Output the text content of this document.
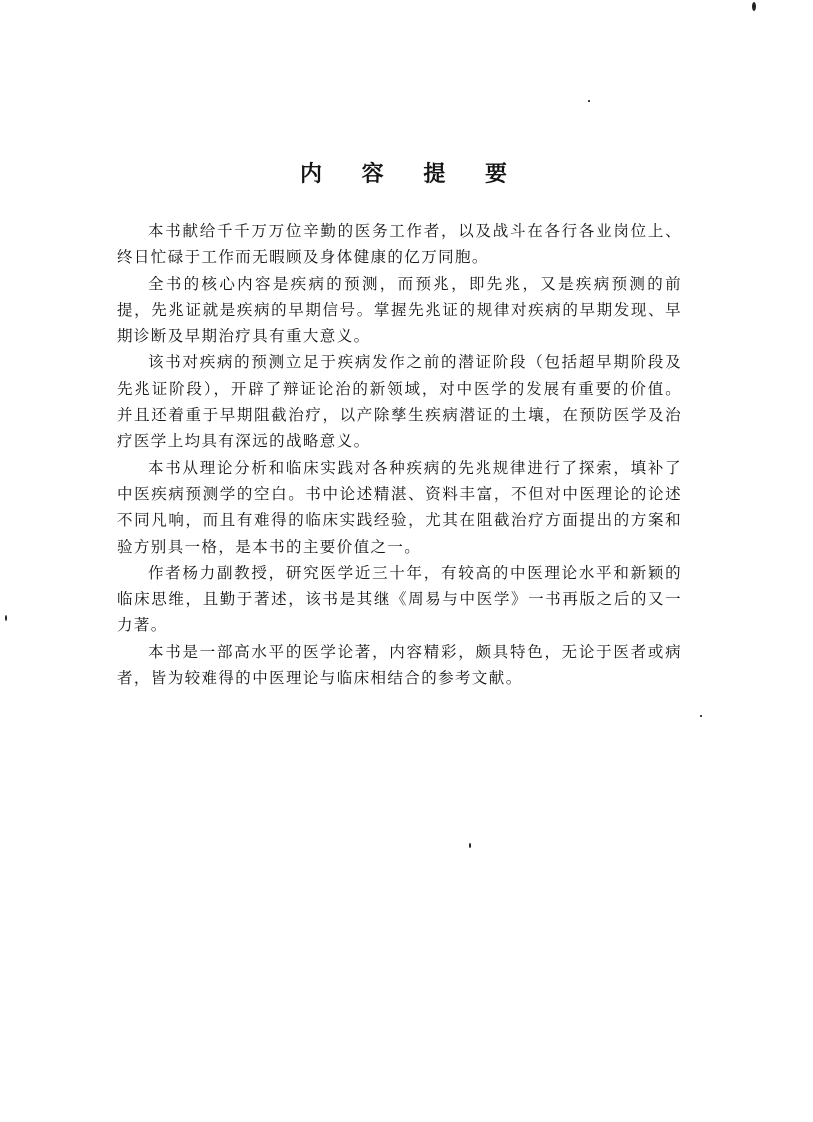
内 容 提 要

本书献给千千万万位辛勤的医务工作者，以及战斗在各行各业岗位上、终日忙碌于工作而无暇顾及身体健康的亿万同胞。

全书的核心内容是疾病的预测，而预兆，即先兆，又是疾病预测的前提，先兆证就是疾病的早期信号。掌握先兆证的规律对疾病的早期发现、早期诊断及早期治疗具有重大意义。

该书对疾病的预测立足于疾病发作之前的潜证阶段（包括超早期阶段及先兆证阶段），开辟了辩证论治的新领域，对中医学的发展有重要的价值。并且还着重于早期阻截治疗，以产除孳生疾病潜证的土壤，在预防医学及治疗医学上均具有深远的战略意义。

本书从理论分析和临床实践对各种疾病的先兆规律进行了探索，填补了中医疾病预测学的空白。书中论述精湛、资料丰富，不但对中医理论的论述不同凡响，而且有难得的临床实践经验，尤其在阻截治疗方面提出的方案和验方别具一格，是本书的主要价值之一。

作者杨力副教授，研究医学近三十年，有较高的中医理论水平和新颖的临床思维，且勤于著述，该书是其继《周易与中医学》一书再版之后的又一力著。

本书是一部高水平的医学论著，内容精彩，颇具特色，无论于医者或病者，皆为较难得的中医理论与临床相结合的参考文献。
